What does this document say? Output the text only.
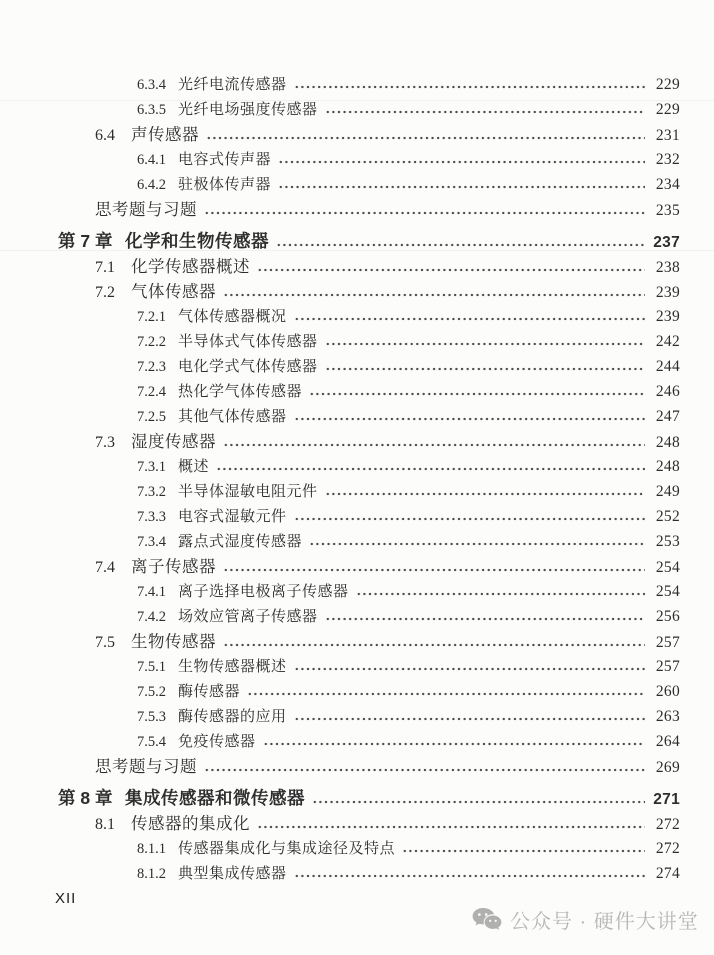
6.3.4 光纤电流传感器	229
6.3.5 光纤电场强度传感器	229
6.4 声传感器	231
6.4.1 电容式传声器	232
6.4.2 驻极体传声器	234
思考题与习题	235
第 7 章 化学和生物传感器	237
7.1 化学传感器概述	238
7.2 气体传感器	239
7.2.1 气体传感器概况	239
7.2.2 半导体式气体传感器	242
7.2.3 电化学式气体传感器	244
7.2.4 热化学气体传感器	246
7.2.5 其他气体传感器	247
7.3 湿度传感器	248
7.3.1 概述	248
7.3.2 半导体湿敏电阻元件	249
7.3.3 电容式湿敏元件	252
7.3.4 露点式湿度传感器	253
7.4 离子传感器	254
7.4.1 离子选择电极离子传感器	254
7.4.2 场效应管离子传感器	256
7.5 生物传感器	257
7.5.1 生物传感器概述	257
7.5.2 酶传感器	260
7.5.3 酶传感器的应用	263
7.5.4 免疫传感器	264
思考题与习题	269
第 8 章 集成传感器和微传感器	271
8.1 传感器的集成化	272
8.1.1 传感器集成化与集成途径及特点	272
8.1.2 典型集成传感器	274
XII
公众号 · 硬件大讲堂
